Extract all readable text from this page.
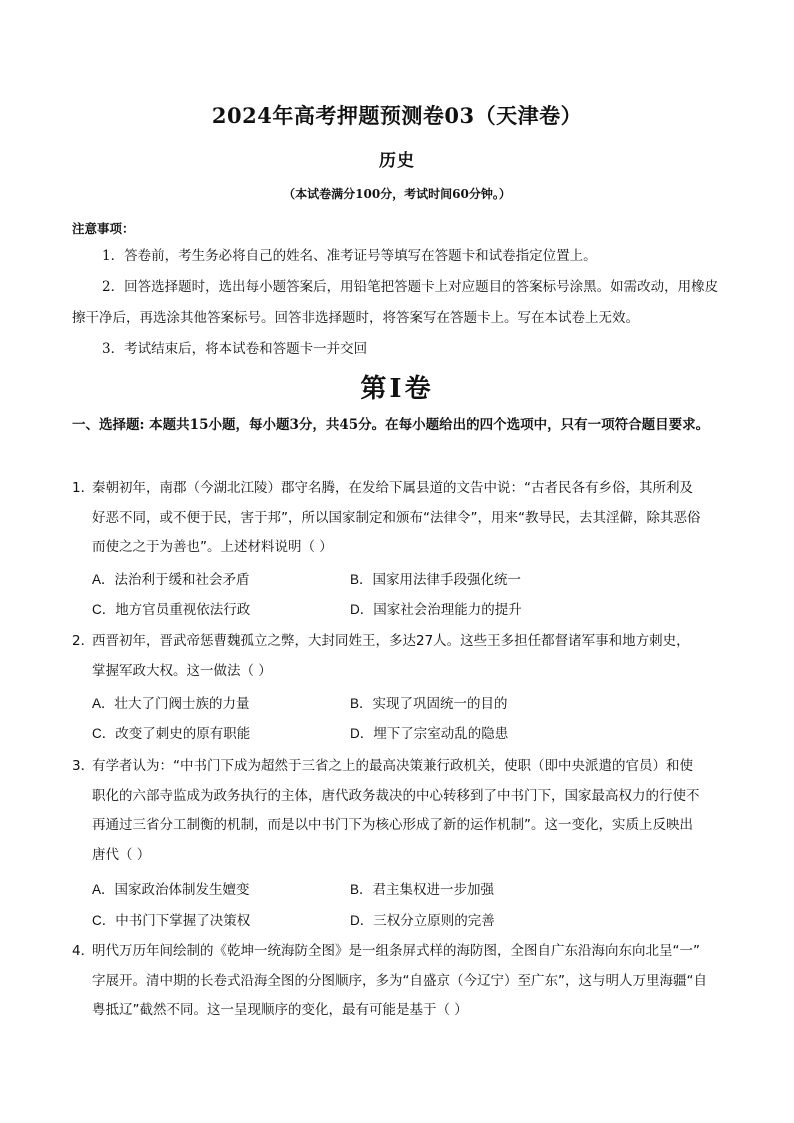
2024年高考押题预测卷03（天津卷）
历史
（本试卷满分100分，考试时间60分钟。）
注意事项：
1．答卷前，考生务必将自己的姓名、准考证号等填写在答题卡和试卷指定位置上。
2．回答选择题时，选出每小题答案后，用铅笔把答题卡上对应题目的答案标号涂黑。如需改动，用橡皮擦干净后，再选涂其他答案标号。回答非选择题时，将答案写在答题卡上。写在本试卷上无效。
3．考试结束后，将本试卷和答题卡一并交回
第I卷
一、选择题: 本题共15小题，每小题3分，共45分。在每小题给出的四个选项中，只有一项符合题目要求。
1．秦朝初年，南郡（今湖北江陵）郡守名腾，在发给下属县道的文告中说：“古者民各有乡俗，其所利及
好恶不同，或不便于民，害于邦”，所以国家制定和颁布“法律令”，用来“教导民，去其淫僻，除其恶俗
而使之之于为善也”。上述材料说明（ ）
A．法治利于缓和社会矛盾	B．国家用法律手段强化统一
C．地方官员重视依法行政	D．国家社会治理能力的提升
2．西晋初年，晋武帝惩曹魏孤立之弊，大封同姓王，多达27人。这些王多担任都督诸军事和地方刺史，
掌握军政大权。这一做法（ ）
A．壮大了门阀士族的力量	B．实现了巩固统一的目的
C．改变了刺史的原有职能	D．埋下了宗室动乱的隐患
3．有学者认为：“中书门下成为超然于三省之上的最高决策兼行政机关，使职（即中央派遣的官员）和使
职化的六部寺监成为政务执行的主体，唐代政务裁决的中心转移到了中书门下，国家最高权力的行使不
再通过三省分工制衡的机制，而是以中书门下为核心形成了新的运作机制”。这一变化，实质上反映出
唐代（ ）
A．国家政治体制发生嬗变	B．君主集权进一步加强
C．中书门下掌握了决策权	D．三权分立原则的完善
4．明代万历年间绘制的《乾坤一统海防全图》是一组条屏式样的海防图，全图自广东沿海向东向北呈“一”
字展开。清中期的长卷式沿海全图的分图顺序，多为“自盛京（今辽宁）至广东”，这与明人万里海疆“自
粤抵辽”截然不同。这一呈现顺序的变化，最有可能是基于（ ）
